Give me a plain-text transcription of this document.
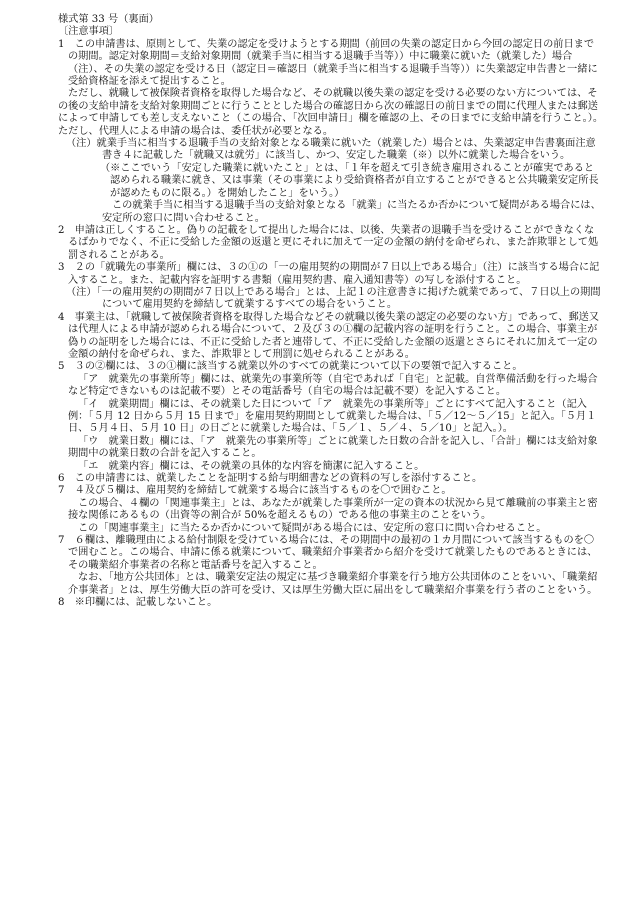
様式第 33 号（裏面）

〔注意事項〕

1　この申請書は、原則として、失業の認定を受けようとする期間（前回の失業の認定日から今回の認定日の前日までの期間。認定対象期間＝支給対象期間（就業手当に相当する退職手当等））中に職業に就いた（就業した）場合（注）、その失業の認定を受ける日（認定日＝確認日（就業手当に相当する退職手当等））に失業認定申告書と一緒に受給資格証を添えて提出すること。

ただし、就職して被保険者資格を取得した場合など、その就職以後失業の認定を受ける必要のない方については、その後の支給申請を支給対象期間ごとに行うこととした場合の確認日から次の確認日の前日までの間に代理人または郵送によって申請しても差し支えないこと（この場合、「次回申請日」欄を確認の上、その日までに支給申請を行うこと。）。ただし、代理人による申請の場合は、委任状が必要となる。

（注）就業手当に相当する退職手当の支給対象となる職業に就いた（就業した）場合とは、失業認定申告書裏面注意書き４に記載した「就職又は就労」に該当し、かつ、安定した職業（※）以外に就業した場合をいう。

（※ここでいう「安定した職業に就いたこと」とは、「１年を超えて引き続き雇用されることが確実であると認められる職業に就き、又は事業（その事業により受給資格者が自立することができると公共職業安定所長が認めたものに限る。）を開始したこと」をいう。）

この就業手当に相当する退職手当の支給対象となる「就業」に当たるか否かについて疑問がある場合には、安定所の窓口に問い合わせること。

2　申請は正しくすること。偽りの記載をして提出した場合には、以後、失業者の退職手当を受けることができなくなるばかりでなく、不正に受給した金額の返還と更にそれに加えて一定の金額の納付を命ぜられ、また詐欺罪として処罰されることがある。

3　２の「就職先の事業所」欄には、３の①の「一の雇用契約の期間が７日以上である場合」（注）に該当する場合に記入すること。また、記載内容を証明する書類（雇用契約書、雇入通知書等）の写しを添付すること。

（注）「一の雇用契約の期間が７日以上である場合」とは、上記１の注意書きに掲げた就業であって、７日以上の期間について雇用契約を締結して就業するすべての場合をいうこと。

4　事業主は、「就職して被保険者資格を取得した場合などその就職以後失業の認定の必要のない方」であって、郵送又は代理人による申請が認められる場合について、２及び３の①欄の記載内容の証明を行うこと。この場合、事業主が偽りの証明をした場合には、不正に受給した者と連帯して、不正に受給した金額の返還とさらにそれに加えて一定の金額の納付を命ぜられ、また、詐欺罪として刑罰に処せられることがある。

5　３の②欄には、３の①欄に該当する就業以外のすべての就業について以下の要領で記入すること。

「ア　就業先の事業所等」欄には、就業先の事業所等（自宅であれば「自宅」と記載。自営準備活動を行った場合など特定できないものは記載不要）とその電話番号（自宅の場合は記載不要）を記入すること。

「イ　就業期間」欄には、その就業した日について「ア　就業先の事業所等」ごとにすべて記入すること（記入例：「５月 12 日から５月 15 日まで」を雇用契約期間として就業した場合は、「５／12～５／15」と記入。「５月１日、５月４日、５月 10 日」の日ごとに就業した場合は、「５／１、５／４、５／10」と記入。）。

「ウ　就業日数」欄には、「ア　就業先の事業所等」ごとに就業した日数の合計を記入し、「合計」欄には支給対象期間中の就業日数の合計を記入すること。

「エ　就業内容」欄には、その就業の具体的な内容を簡潔に記入すること。

6　この申請書には、就業したことを証明する給与明細書などの資料の写しを添付すること。

7　４及び５欄は、雇用契約を締結して就業する場合に該当するものを〇で囲むこと。

この場合、４欄の「関連事業主」とは、あなたが就業した事業所が一定の資本の状況から見て離職前の事業主と密接な関係にあるもの（出資等の割合が 50%を超えるもの）である他の事業主のことをいう。

この「関連事業主」に当たるか否かについて疑問がある場合には、安定所の窓口に問い合わせること。

7　６欄は、離職理由による給付制限を受けている場合には、その期間中の最初の１カ月間について該当するものを〇で囲むこと。この場合、申請に係る就業について、職業紹介事業者から紹介を受けて就業したものであるときには、その職業紹介事業者の名称と電話番号を記入すること。

なお、「地方公共団体」とは、職業安定法の規定に基づき職業紹介事業を行う地方公共団体のことをいい、「職業紹介事業者」とは、厚生労働大臣の許可を受け、又は厚生労働大臣に届出をして職業紹介事業を行う者のことをいう。

8　※印欄には、記載しないこと。
